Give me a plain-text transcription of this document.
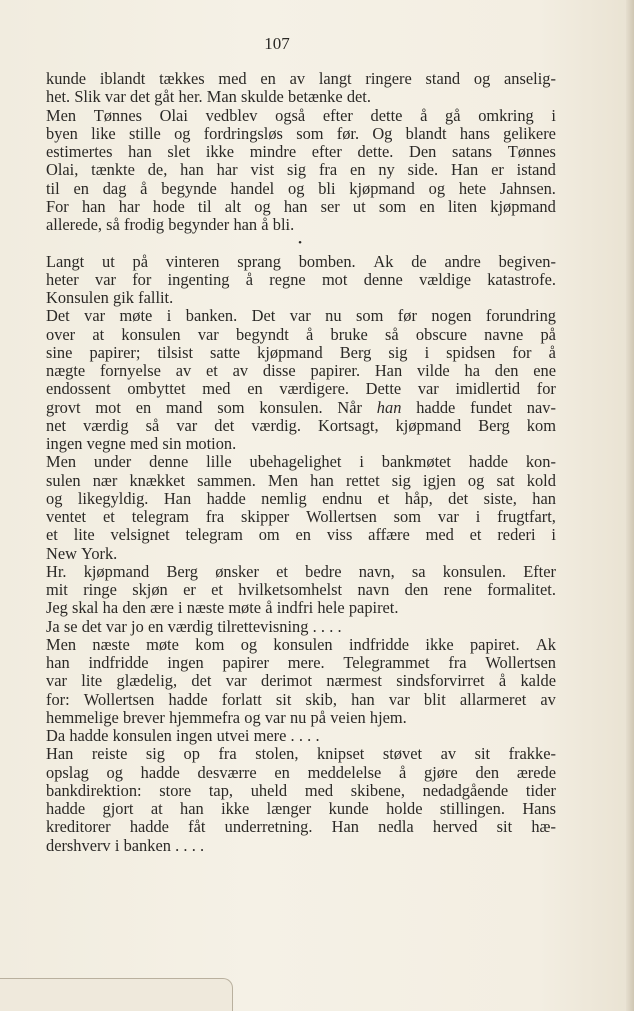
107
kunde iblandt tækkes med en av langt ringere stand og anselig-
het. Slik var det gåt her. Man skulde betænke det.
Men Tønnes Olai vedblev også efter dette å gå omkring i
byen like stille og fordringsløs som før. Og blandt hans gelikere
estimertes han slet ikke mindre efter dette. Den satans Tønnes
Olai, tænkte de, han har vist sig fra en ny side. Han er istand
til en dag å begynde handel og bli kjøpmand og hete Jahnsen.
For han har hode til alt og han ser ut som en liten kjøpmand
allerede, så frodig begynder han å bli.
•
Langt ut på vinteren sprang bomben. Ak de andre begiven-
heter var for ingenting å regne mot denne vældige katastrofe.
Konsulen gik fallit.
Det var møte i banken. Det var nu som før nogen forundring
over at konsulen var begyndt å bruke så obscure navne på
sine papirer; tilsist satte kjøpmand Berg sig i spidsen for å
nægte fornyelse av et av disse papirer. Han vilde ha den ene
endossent ombyttet med en værdigere. Dette var imidlertid for
grovt mot en mand som konsulen. Når han hadde fundet nav-
net værdig så var det værdig. Kortsagt, kjøpmand Berg kom
ingen vegne med sin motion.
Men under denne lille ubehagelighet i bankmøtet hadde kon-
sulen nær knækket sammen. Men han rettet sig igjen og sat kold
og likegyldig. Han hadde nemlig endnu et håp, det siste, han
ventet et telegram fra skipper Wollertsen som var i frugtfart,
et lite velsignet telegram om en viss affære med et rederi i
New York.
Hr. kjøpmand Berg ønsker et bedre navn, sa konsulen. Efter
mit ringe skjøn er et hvilketsomhelst navn den rene formalitet.
Jeg skal ha den ære i næste møte å indfri hele papiret.
Ja se det var jo en værdig tilrettevisning . . . .
Men næste møte kom og konsulen indfridde ikke papiret. Ak
han indfridde ingen papirer mere. Telegrammet fra Wollertsen
var lite glædelig, det var derimot nærmest sindsforvirret å kalde
for: Wollertsen hadde forlatt sit skib, han var blit allarmeret av
hemmelige brever hjemmefra og var nu på veien hjem.
Da hadde konsulen ingen utvei mere . . . .
Han reiste sig op fra stolen, knipset støvet av sit frakke-
opslag og hadde desværre en meddelelse å gjøre den ærede
bankdirektion: store tap, uheld med skibene, nedadgående tider
hadde gjort at han ikke længer kunde holde stillingen. Hans
kreditorer hadde fåt underretning. Han nedla herved sit hæ-
dershverv i banken . . . .
